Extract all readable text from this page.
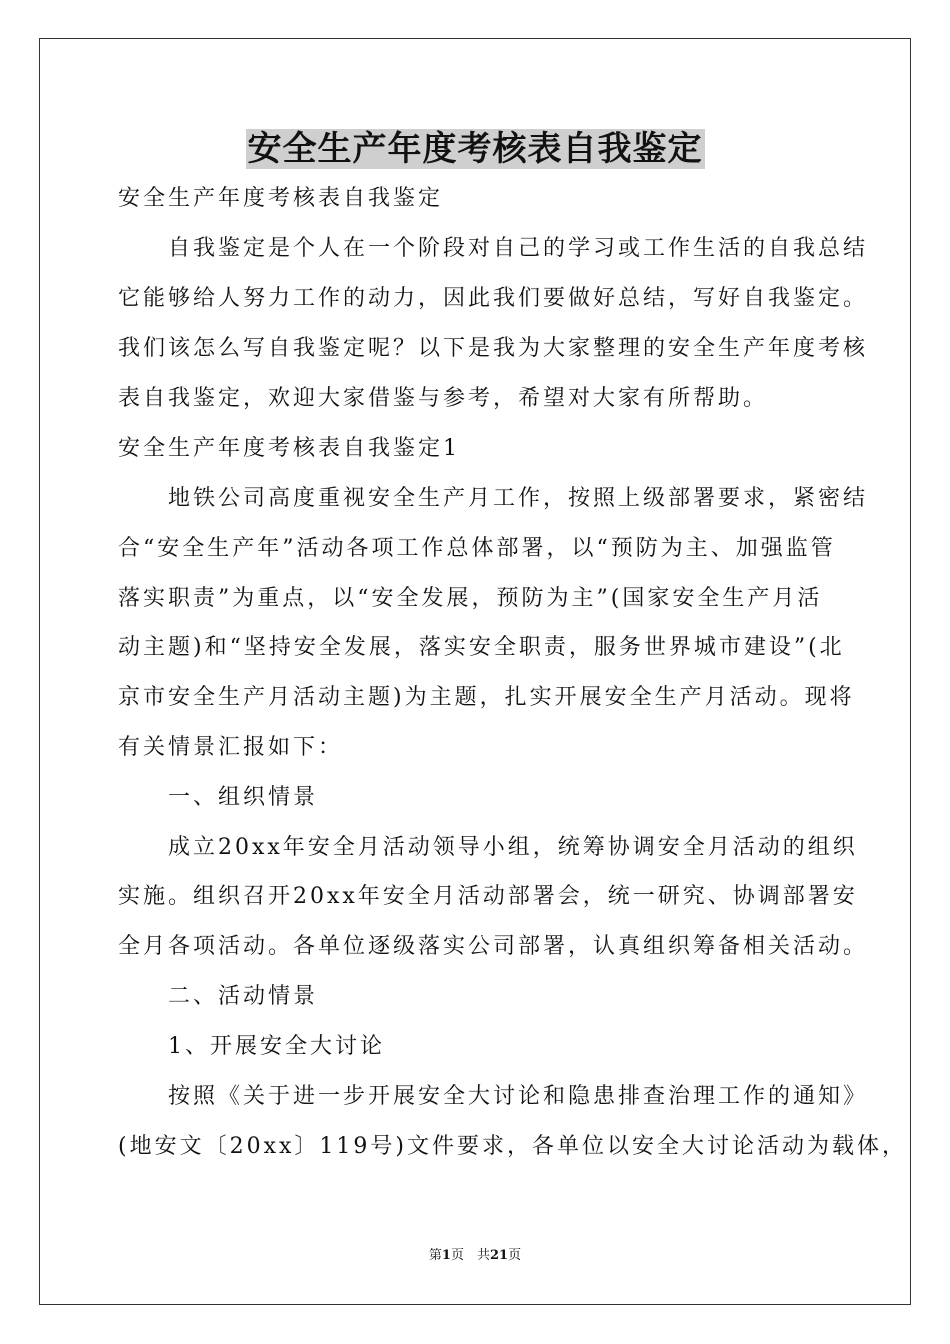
安全生产年度考核表自我鉴定
安全生产年度考核表自我鉴定
　　自我鉴定是个人在一个阶段对自己的学习或工作生活的自我总结
它能够给人努力工作的动力，因此我们要做好总结，写好自我鉴定。
我们该怎么写自我鉴定呢？以下是我为大家整理的安全生产年度考核
表自我鉴定，欢迎大家借鉴与参考，希望对大家有所帮助。
安全生产年度考核表自我鉴定1
　　地铁公司高度重视安全生产月工作，按照上级部署要求，紧密结
合“安全生产年”活动各项工作总体部署，以“预防为主、加强监管
落实职责”为重点，以“安全发展，预防为主”(国家安全生产月活
动主题)和“坚持安全发展，落实安全职责，服务世界城市建设”(北
京市安全生产月活动主题)为主题，扎实开展安全生产月活动。现将
有关情景汇报如下：
　　一、组织情景
　　成立20xx年安全月活动领导小组，统筹协调安全月活动的组织
实施。组织召开20xx年安全月活动部署会，统一研究、协调部署安
全月各项活动。各单位逐级落实公司部署，认真组织筹备相关活动。
　　二、活动情景
　　1、开展安全大讨论
　　按照《关于进一步开展安全大讨论和隐患排查治理工作的通知》
(地安文〔20xx〕119号)文件要求，各单位以安全大讨论活动为载体，
第1页　共21页
